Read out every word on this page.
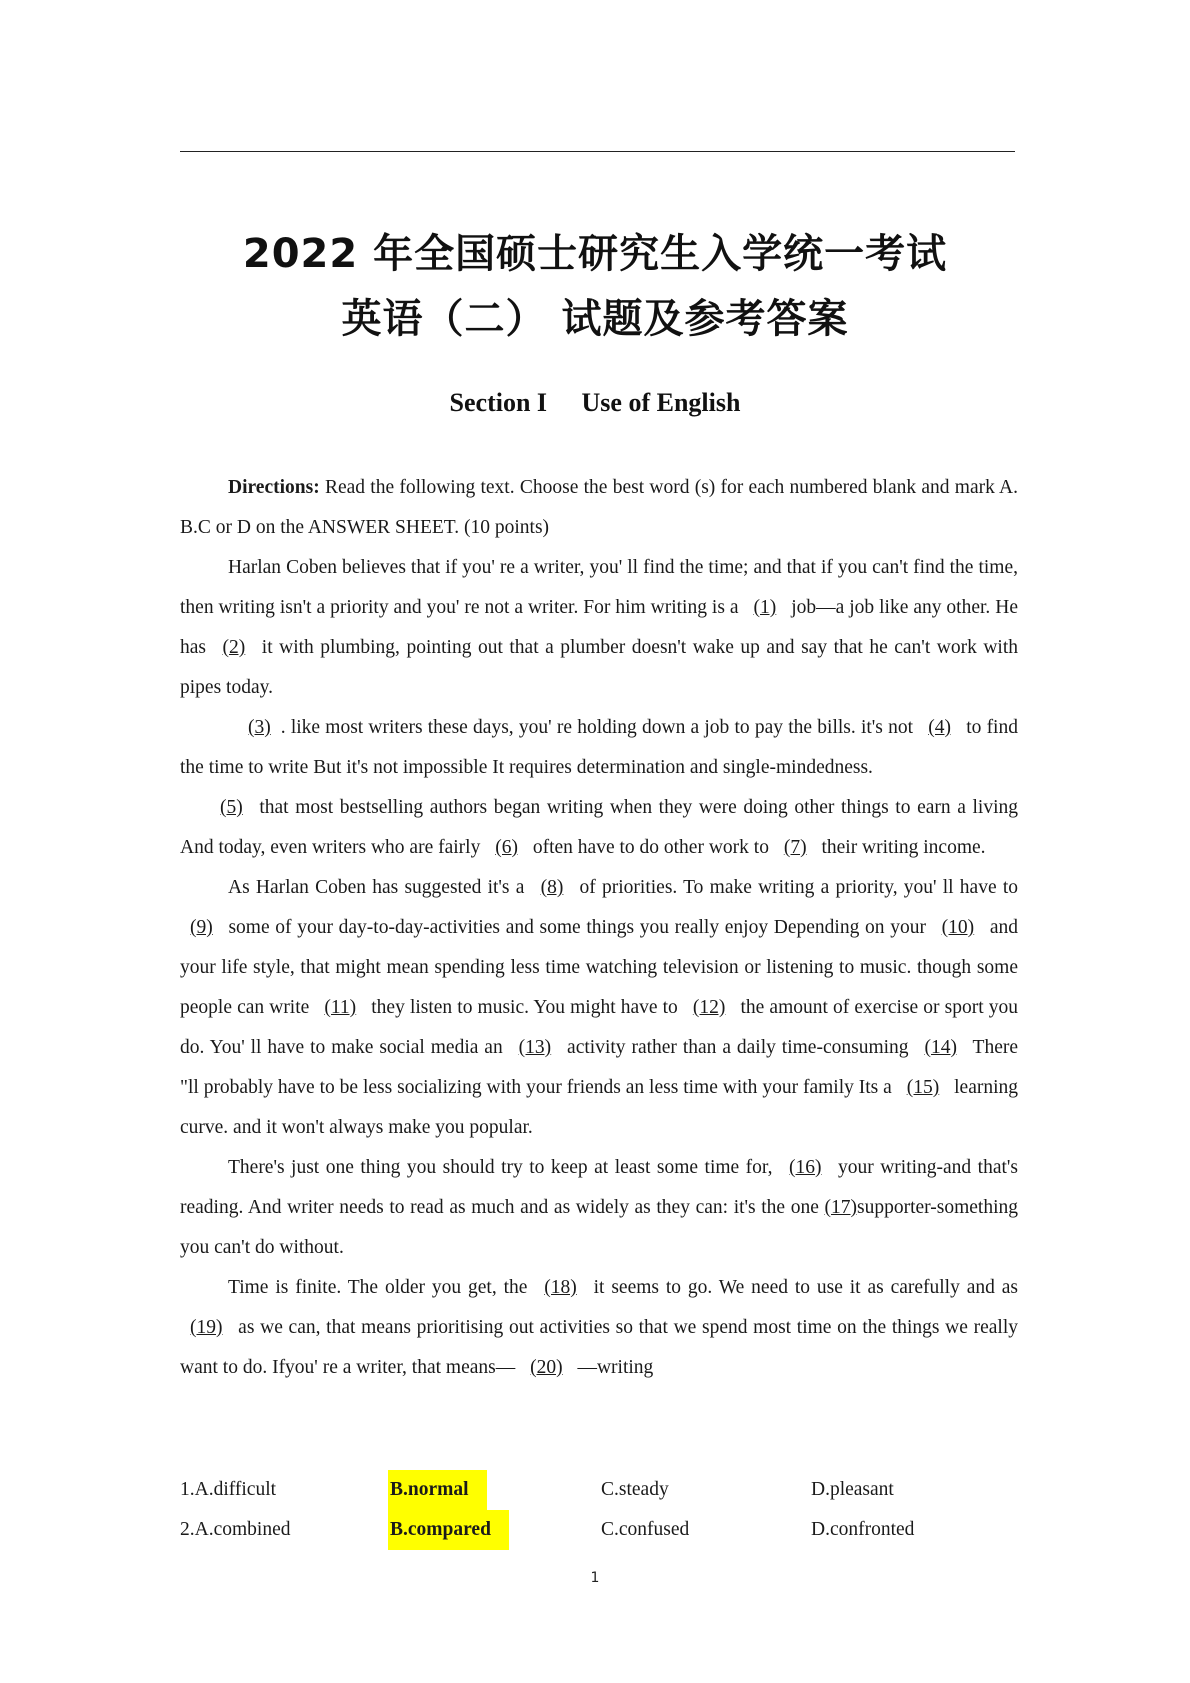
2022 年全国硕士研究生入学统一考试
英语（二） 试题及参考答案
Section I Use of English

Directions: Read the following text. Choose the best word (s) for each numbered blank and mark A. B.C or D on the ANSWER SHEET. (10 points)

Harlan Coben believes that if you' re a writer, you' ll find the time; and that if you can't find the time, then writing isn't a priority and you' re not a writer. For him writing is a (1) job—a job like any other. He has (2) it with plumbing, pointing out that a plumber doesn't wake up and say that he can't work with pipes today.

(3) . like most writers these days, you' re holding down a job to pay the bills. it's not (4) to find the time to write But it's not impossible It requires determination and single-mindedness.

(5) that most bestselling authors began writing when they were doing other things to earn a living And today, even writers who are fairly (6) often have to do other work to (7) their writing income.

As Harlan Coben has suggested it's a (8) of priorities. To make writing a priority, you' ll have to (9) some of your day-to-day-activities and some things you really enjoy Depending on your (10) and your life style, that might mean spending less time watching television or listening to music. though some people can write (11) they listen to music. You might have to (12) the amount of exercise or sport you do. You' ll have to make social media an (13) activity rather than a daily time-consuming (14) There "ll probably have to be less socializing with your friends an less time with your family Its a (15) learning curve. and it won't always make you popular.

There's just one thing you should try to keep at least some time for, (16) your writing-and that's reading. And writer needs to read as much and as widely as they can: it's the one (17)supporter-something you can't do without.

Time is finite. The older you get, the (18) it seems to go. We need to use it as carefully and as (19) as we can, that means prioritising out activities so that we spend most time on the things we really want to do. Ifyou' re a writer, that means— (20) —writing

1.A.difficult	B.normal	C.steady	D.pleasant
2.A.combined	B.compared	C.confused	D.confronted
1
